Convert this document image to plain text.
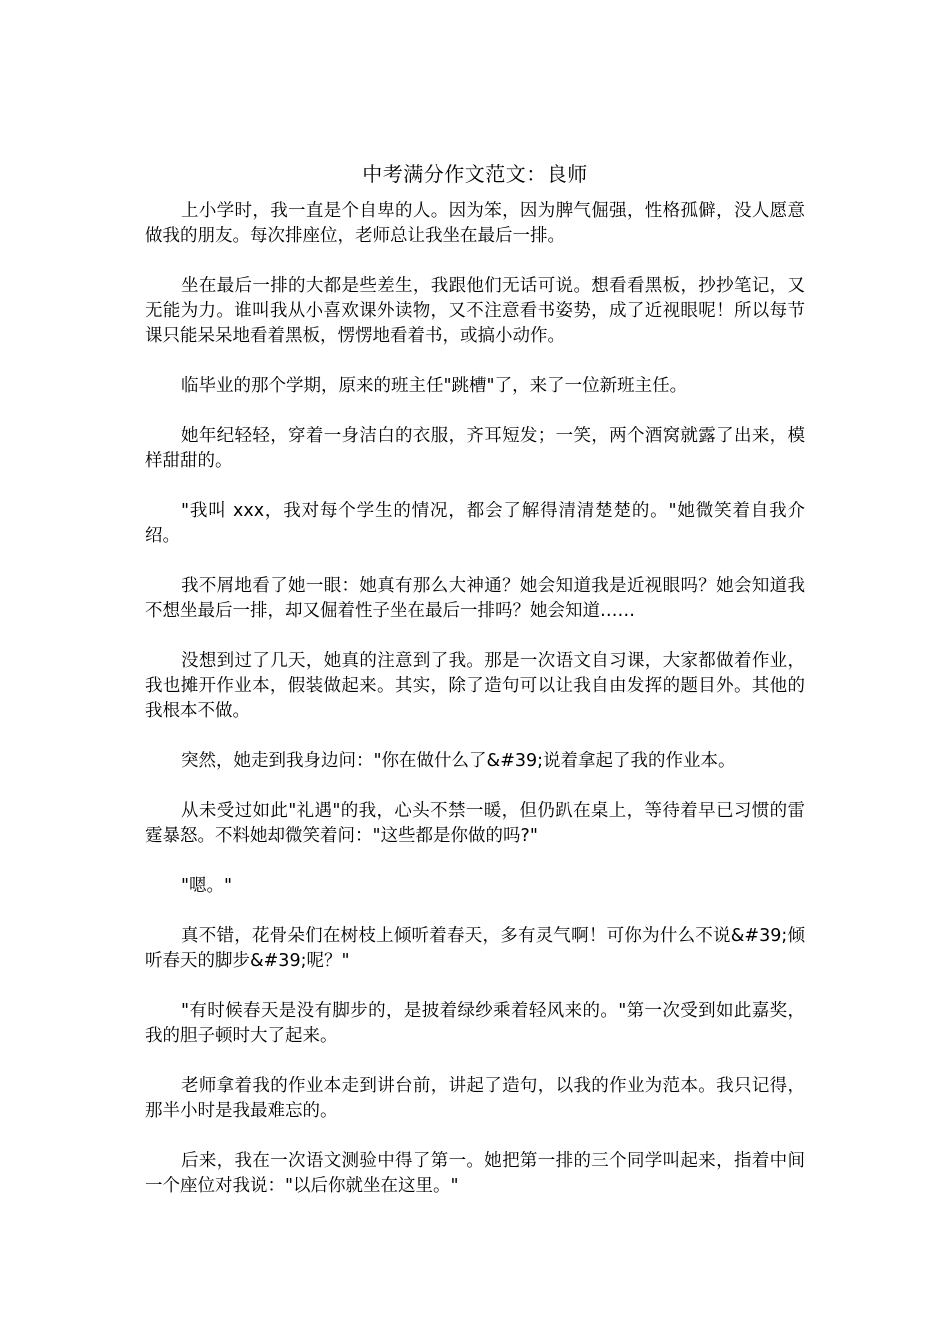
中考满分作文范文：良师

上小学时，我一直是个自卑的人。因为笨，因为脾气倔强，性格孤僻，没人愿意做我的朋友。每次排座位，老师总让我坐在最后一排。

坐在最后一排的大都是些差生，我跟他们无话可说。想看看黑板，抄抄笔记，又无能为力。谁叫我从小喜欢课外读物，又不注意看书姿势，成了近视眼呢！所以每节课只能呆呆地看着黑板，愣愣地看着书，或搞小动作。

临毕业的那个学期，原来的班主任"跳槽"了，来了一位新班主任。

她年纪轻轻，穿着一身洁白的衣服，齐耳短发；一笑，两个酒窝就露了出来，模样甜甜的。

"我叫 xxx，我对每个学生的情况，都会了解得清清楚楚的。"她微笑着自我介绍。

我不屑地看了她一眼：她真有那么大神通？她会知道我是近视眼吗？她会知道我不想坐最后一排，却又倔着性子坐在最后一排吗？她会知道……

没想到过了几天，她真的注意到了我。那是一次语文自习课，大家都做着作业，我也摊开作业本，假装做起来。其实，除了造句可以让我自由发挥的题目外。其他的我根本不做。

突然，她走到我身边问："你在做什么了&#39;说着拿起了我的作业本。

从未受过如此"礼遇"的我，心头不禁一暖，但仍趴在桌上，等待着早已习惯的雷霆暴怒。不料她却微笑着问："这些都是你做的吗?"

"嗯。"

真不错，花骨朵们在树枝上倾听着春天，多有灵气啊！可你为什么不说&#39;倾听春天的脚步&#39;呢？"

"有时候春天是没有脚步的，是披着绿纱乘着轻风来的。"第一次受到如此嘉奖，我的胆子顿时大了起来。

老师拿着我的作业本走到讲台前，讲起了造句，以我的作业为范本。我只记得，那半小时是我最难忘的。

后来，我在一次语文测验中得了第一。她把第一排的三个同学叫起来，指着中间一个座位对我说："以后你就坐在这里。"
